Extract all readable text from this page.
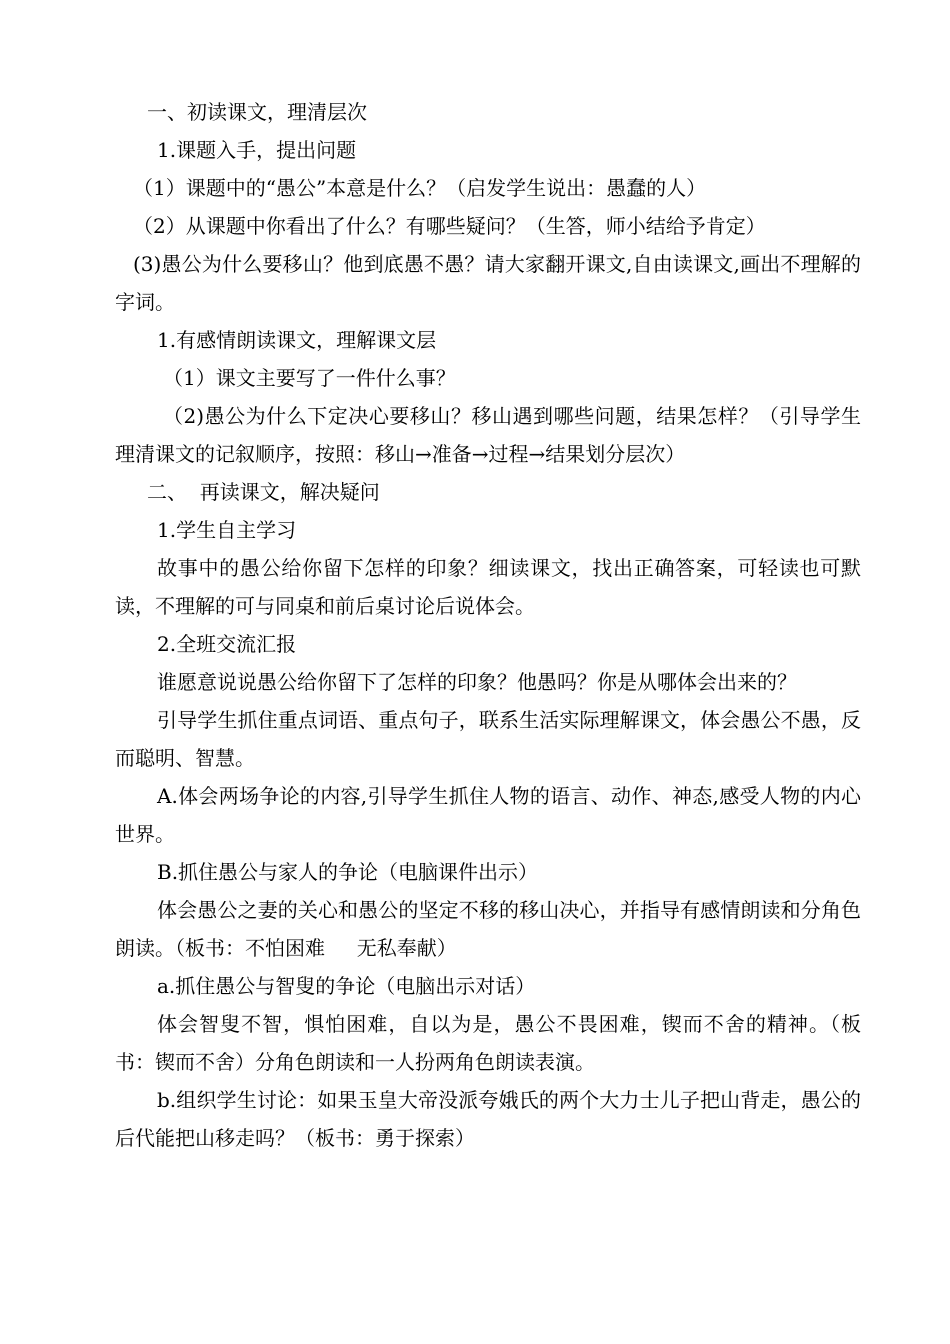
一、初读课文，理清层次

1.课题入手，提出问题

（1）课题中的“愚公”本意是什么？（启发学生说出：愚蠢的人）

（2）从课题中你看出了什么？有哪些疑问？（生答，师小结给予肯定）

(3)愚公为什么要移山？他到底愚不愚？请大家翻开课文,自由读课文,画出不理解的字词。

1.有感情朗读课文，理解课文层

（1）课文主要写了一件什么事？

（2)愚公为什么下定决心要移山？移山遇到哪些问题，结果怎样？（引导学生理清课文的记叙顺序，按照：移山→准备→过程→结果划分层次）

二、  再读课文，解决疑问

1.学生自主学习

故事中的愚公给你留下怎样的印象？细读课文，找出正确答案，可轻读也可默读，不理解的可与同桌和前后桌讨论后说体会。

2.全班交流汇报

谁愿意说说愚公给你留下了怎样的印象？他愚吗？你是从哪体会出来的？

引导学生抓住重点词语、重点句子，联系生活实际理解课文，体会愚公不愚，反而聪明、智慧。

A.体会两场争论的内容,引导学生抓住人物的语言、动作、神态,感受人物的内心世界。

B.抓住愚公与家人的争论（电脑课件出示）

体会愚公之妻的关心和愚公的坚定不移的移山决心，并指导有感情朗读和分角色朗读。（板书：不怕困难     无私奉献）

a.抓住愚公与智叟的争论（电脑出示对话）

体会智叟不智，惧怕困难，自以为是，愚公不畏困难，锲而不舍的精神。（板书：锲而不舍）分角色朗读和一人扮两角色朗读表演。

b.组织学生讨论：如果玉皇大帝没派夸娥氏的两个大力士儿子把山背走，愚公的后代能把山移走吗？（板书：勇于探索）
